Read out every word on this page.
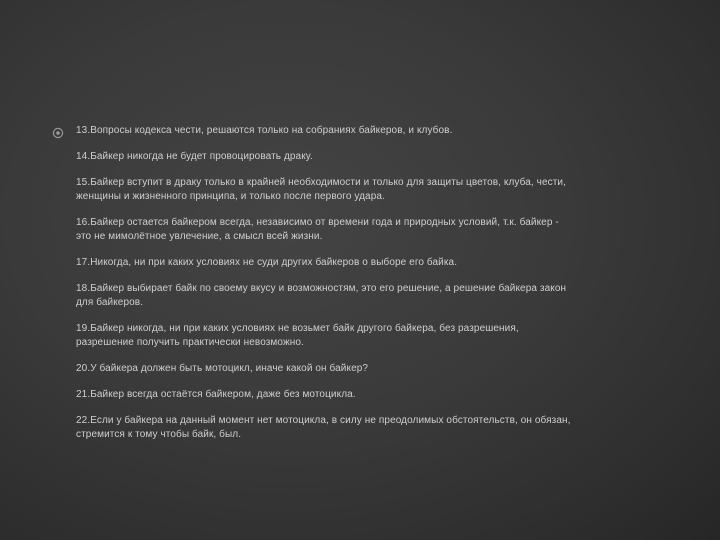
13.Вопросы кодекса чести, решаются только на собраниях байкеров, и клубов.

14.Байкер никогда не будет провоцировать драку.

15.Байкер вступит в драку только в крайней необходимости и только для защиты цветов, клуба, чести,
женщины и жизненного принципа, и только после первого удара.

16.Байкер остается байкером всегда, независимо от времени года и природных условий, т.к. байкер -
это не мимолётное увлечение, а смысл всей жизни.

17.Никогда, ни при каких условиях не суди других байкеров о выборе его байка.

18.Байкер выбирает байк по своему вкусу и возможностям, это его решение, а решение байкера закон
для байкеров.

19.Байкер никогда, ни при каких условиях не возьмет байк другого байкера, без разрешения,
разрешение получить практически невозможно.

20.У байкера должен быть мотоцикл, иначе какой он байкер?

21.Байкер всегда остаётся байкером, даже без мотоцикла.

22.Если у байкера на данный момент нет мотоцикла, в силу не преодолимых обстоятельств, он обязан,
стремится к тому чтобы байк, был.
